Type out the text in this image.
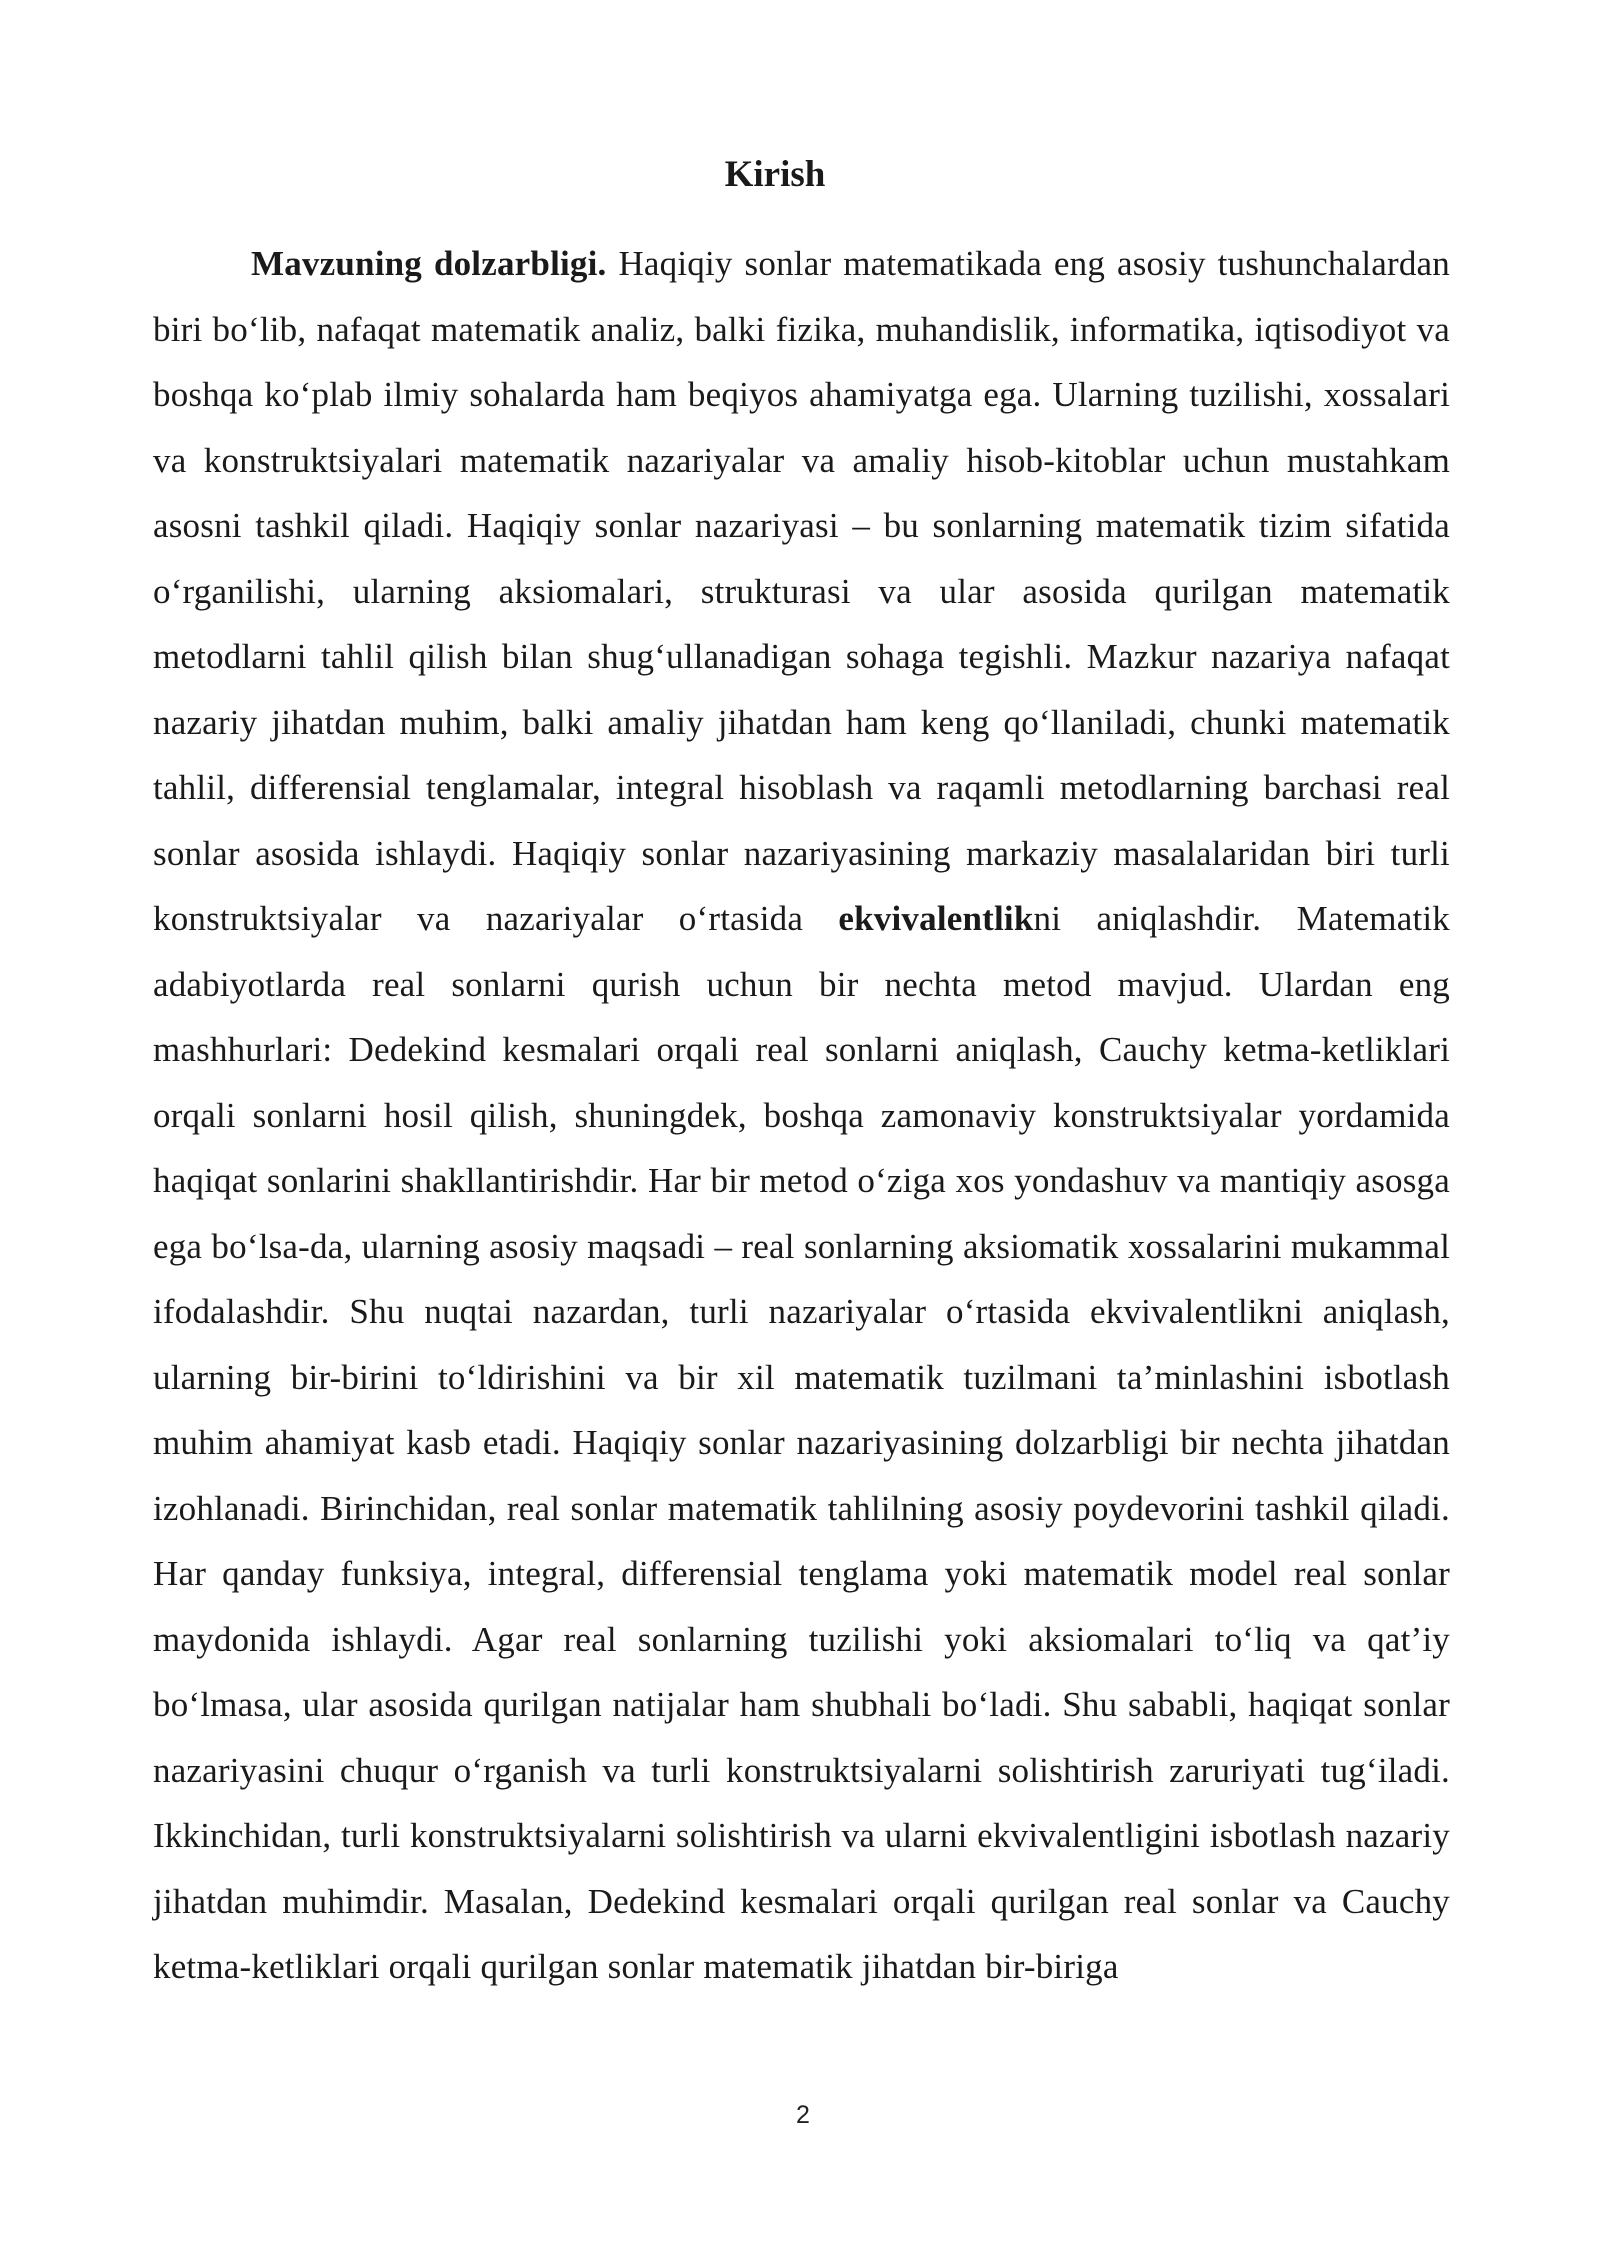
Kirish

Mavzuning dolzarbligi. Haqiqiy sonlar matematikada eng asosiy tushunchalardan biri bo‘lib, nafaqat matematik analiz, balki fizika, muhandislik, informatika, iqtisodiyot va boshqa ko‘plab ilmiy sohalarda ham beqiyos ahamiyatga ega. Ularning tuzilishi, xossalari va konstruktsiyalari matematik nazariyalar va amaliy hisob-kitoblar uchun mustahkam asosni tashkil qiladi. Haqiqiy sonlar nazariyasi – bu sonlarning matematik tizim sifatida o‘rganilishi, ularning aksiomalari, strukturasi va ular asosida qurilgan matematik metodlarni tahlil qilish bilan shug‘ullanadigan sohaga tegishli. Mazkur nazariya nafaqat nazariy jihatdan muhim, balki amaliy jihatdan ham keng qo‘llaniladi, chunki matematik tahlil, differensial tenglamalar, integral hisoblash va raqamli metodlarning barchasi real sonlar asosida ishlaydi. Haqiqiy sonlar nazariyasining markaziy masalalaridan biri turli konstruktsiyalar va nazariyalar o‘rtasida ekvivalentlikni aniqlashdir. Matematik adabiyotlarda real sonlarni qurish uchun bir nechta metod mavjud. Ulardan eng mashhurlari: Dedekind kesmalari orqali real sonlarni aniqlash, Cauchy ketma-ketliklari orqali sonlarni hosil qilish, shuningdek, boshqa zamonaviy konstruktsiyalar yordamida haqiqat sonlarini shakllantirishdir. Har bir metod o‘ziga xos yondashuv va mantiqiy asosga ega bo‘lsa-da, ularning asosiy maqsadi – real sonlarning aksiomatik xossalarini mukammal ifodalashdir. Shu nuqtai nazardan, turli nazariyalar o‘rtasida ekvivalentlikni aniqlash, ularning bir-birini to‘ldirishini va bir xil matematik tuzilmani ta’minlashini isbotlash muhim ahamiyat kasb etadi. Haqiqiy sonlar nazariyasining dolzarbligi bir nechta jihatdan izohlanadi. Birinchidan, real sonlar matematik tahlilning asosiy poydevorini tashkil qiladi. Har qanday funksiya, integral, differensial tenglama yoki matematik model real sonlar maydonida ishlaydi. Agar real sonlarning tuzilishi yoki aksiomalari to‘liq va qat’iy bo‘lmasa, ular asosida qurilgan natijalar ham shubhali bo‘ladi. Shu sababli, haqiqat sonlar nazariyasini chuqur o‘rganish va turli konstruktsiyalarni solishtirish zaruriyati tug‘iladi. Ikkinchidan, turli konstruktsiyalarni solishtirish va ularni ekvivalentligini isbotlash nazariy jihatdan muhimdir. Masalan, Dedekind kesmalari orqali qurilgan real sonlar va Cauchy ketma-ketliklari orqali qurilgan sonlar matematik jihatdan bir-biriga

2
